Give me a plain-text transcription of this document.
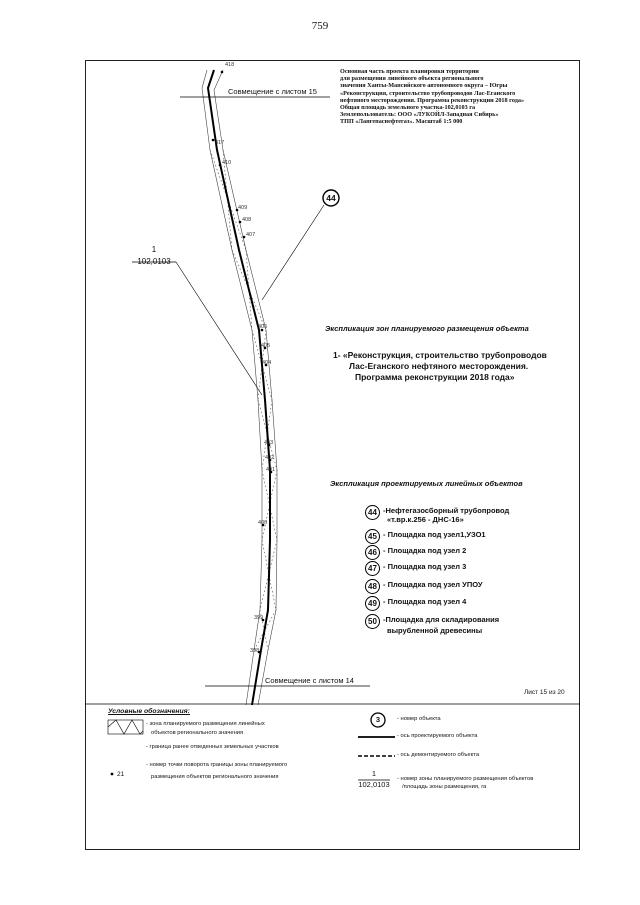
759
Основная часть проекта планировки территории
для размещения линейного объекта регионального
значения Ханты-Мансийского автономного округа – Югры
«Реконструкция, строительство трубопроводов Лас-Еганского
нефтяного месторождения. Программа реконструкции 2018 года»
Общая площадь земельного участка-102,0103 га
Землепользователь: ООО «ЛУКОЙЛ-Западная Сибирь»
ТПП «Лангепаснефтегаз». Масштаб 1:5 000
Совмещение с листом 15
Совмещение с листом 14
44
1
102,0103
418
417
410
409
408
407
406
405
404
403
402
401
400
399
398
Экспликация зон планируемого размещения объекта
1- «Реконструкция, строительство трубопроводов
Лас-Еганского нефтяного месторождения.
Программа реконструкции 2018 года»
Экспликация проектируемых линейных объектов
44 -Нефтегазосборный трубопровод
«т.вр.к.256 - ДНС-16»
45 - Площадка под узел1,УЗО1
46 - Площадка под узел 2
47 - Площадка под узел 3
48 - Площадка под узел УПОУ
49 - Площадка под узел 4
50 -Площадка для складирования
вырубленной древесины
Лист 15 из 20
Условные обозначения:
- зона планируемого размещения линейных
объектов регионального значения
- граница ранее отведенных земельных участков
- номер точки поворота границы зоны планируемого
размещения объектов регионального значения
21
3	- номер объекта
- ось проектируемого объекта
- ось демонтируемого объекта
1
102,0103
- номер зоны планируемого размещения объектов
/площадь зоны размещения, га
